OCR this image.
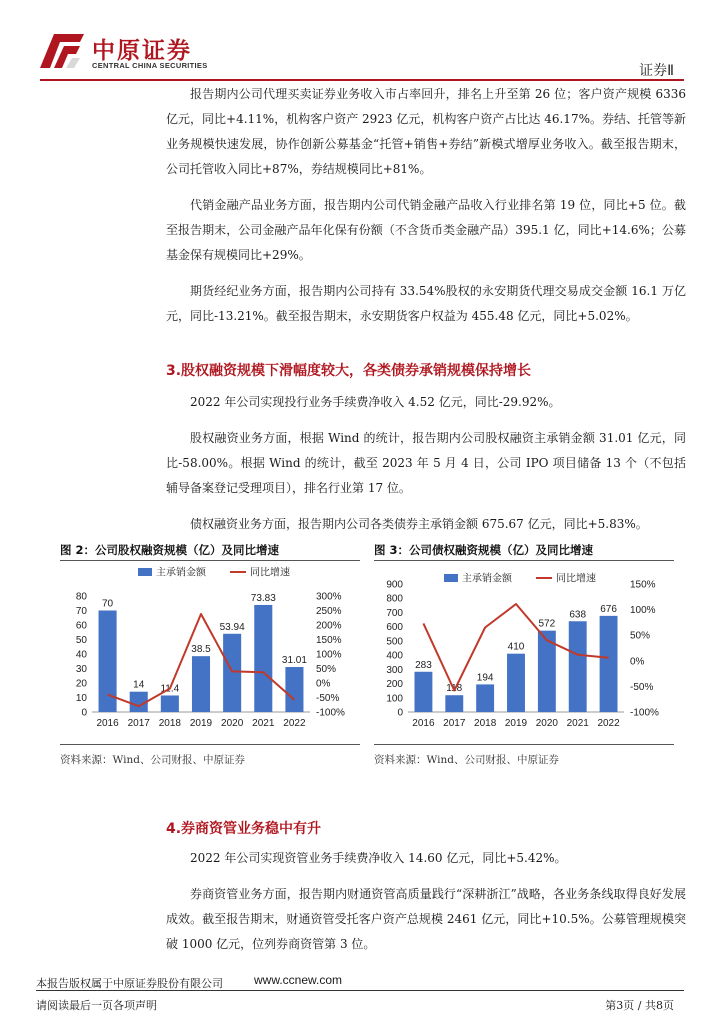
中原证券
CENTRAL CHINA SECURITIES	证券Ⅱ

报告期内公司代理买卖证券业务收入市占率回升，排名上升至第 26 位；客户资产规模 6336 亿元，同比+4.11%，机构客户资产 2923 亿元，机构客户资产占比达 46.17%。券结、托管等新业务规模快速发展，协作创新公募基金“托管+销售+券结”新模式增厚业务收入。截至报告期末，公司托管收入同比+87%，券结规模同比+81%。

代销金融产品业务方面，报告期内公司代销金融产品收入行业排名第 19 位，同比+5 位。截至报告期末，公司金融产品年化保有份额（不含货币类金融产品）395.1 亿，同比+14.6%；公募基金保有规模同比+29%。

期货经纪业务方面，报告期内公司持有 33.54%股权的永安期货代理交易成交金额 16.1 万亿元，同比-13.21%。截至报告期末，永安期货客户权益为 455.48 亿元，同比+5.02%。

3.股权融资规模下滑幅度较大，各类债券承销规模保持增长

2022 年公司实现投行业务手续费净收入 4.52 亿元，同比-29.92%。

股权融资业务方面，根据 Wind 的统计，报告期内公司股权融资主承销金额 31.01 亿元，同比-58.00%。根据 Wind 的统计，截至 2023 年 5 月 4 日，公司 IPO 项目储备 13 个（不包括辅导备案登记受理项目），排名行业第 17 位。

债权融资业务方面，报告期内公司各类债券主承销金额 675.67 亿元，同比+5.83%。

图 2：公司股权融资规模（亿）及同比增速
0
10
20
30
40
50
60
70
80
-100%
-50%
0%
50%
100%
150%
200%
250%
300%
70
2016
14
2017
11.4
2018
38.5
2019
53.94
2020
73.83
2021
31.01
2022
主承销金额	同比增速
资料来源：Wind、公司财报、中原证券
图 3：公司债权融资规模（亿）及同比增速
0
100
200
300
400
500
600
700
800
900
-100%
-50%
0%
50%
100%
150%
283
2016
118
2017
194
2018
410
2019
572
2020
638
2021
676
2022
主承销金额	同比增速
资料来源：Wind、公司财报、中原证券
4.券商资管业务稳中有升

2022 年公司实现资管业务手续费净收入 14.60 亿元，同比+5.42%。

券商资管业务方面，报告期内财通资管高质量践行“深耕浙江”战略，各业务条线取得良好发展成效。截至报告期末，财通资管受托客户资产总规模 2461 亿元，同比+10.5%。公募管理规模突破 1000 亿元，位列券商资管第 3 位。

本报告版权属于中原证券股份有限公司	www.ccnew.com
请阅读最后一页各项声明	第3页 / 共8页
